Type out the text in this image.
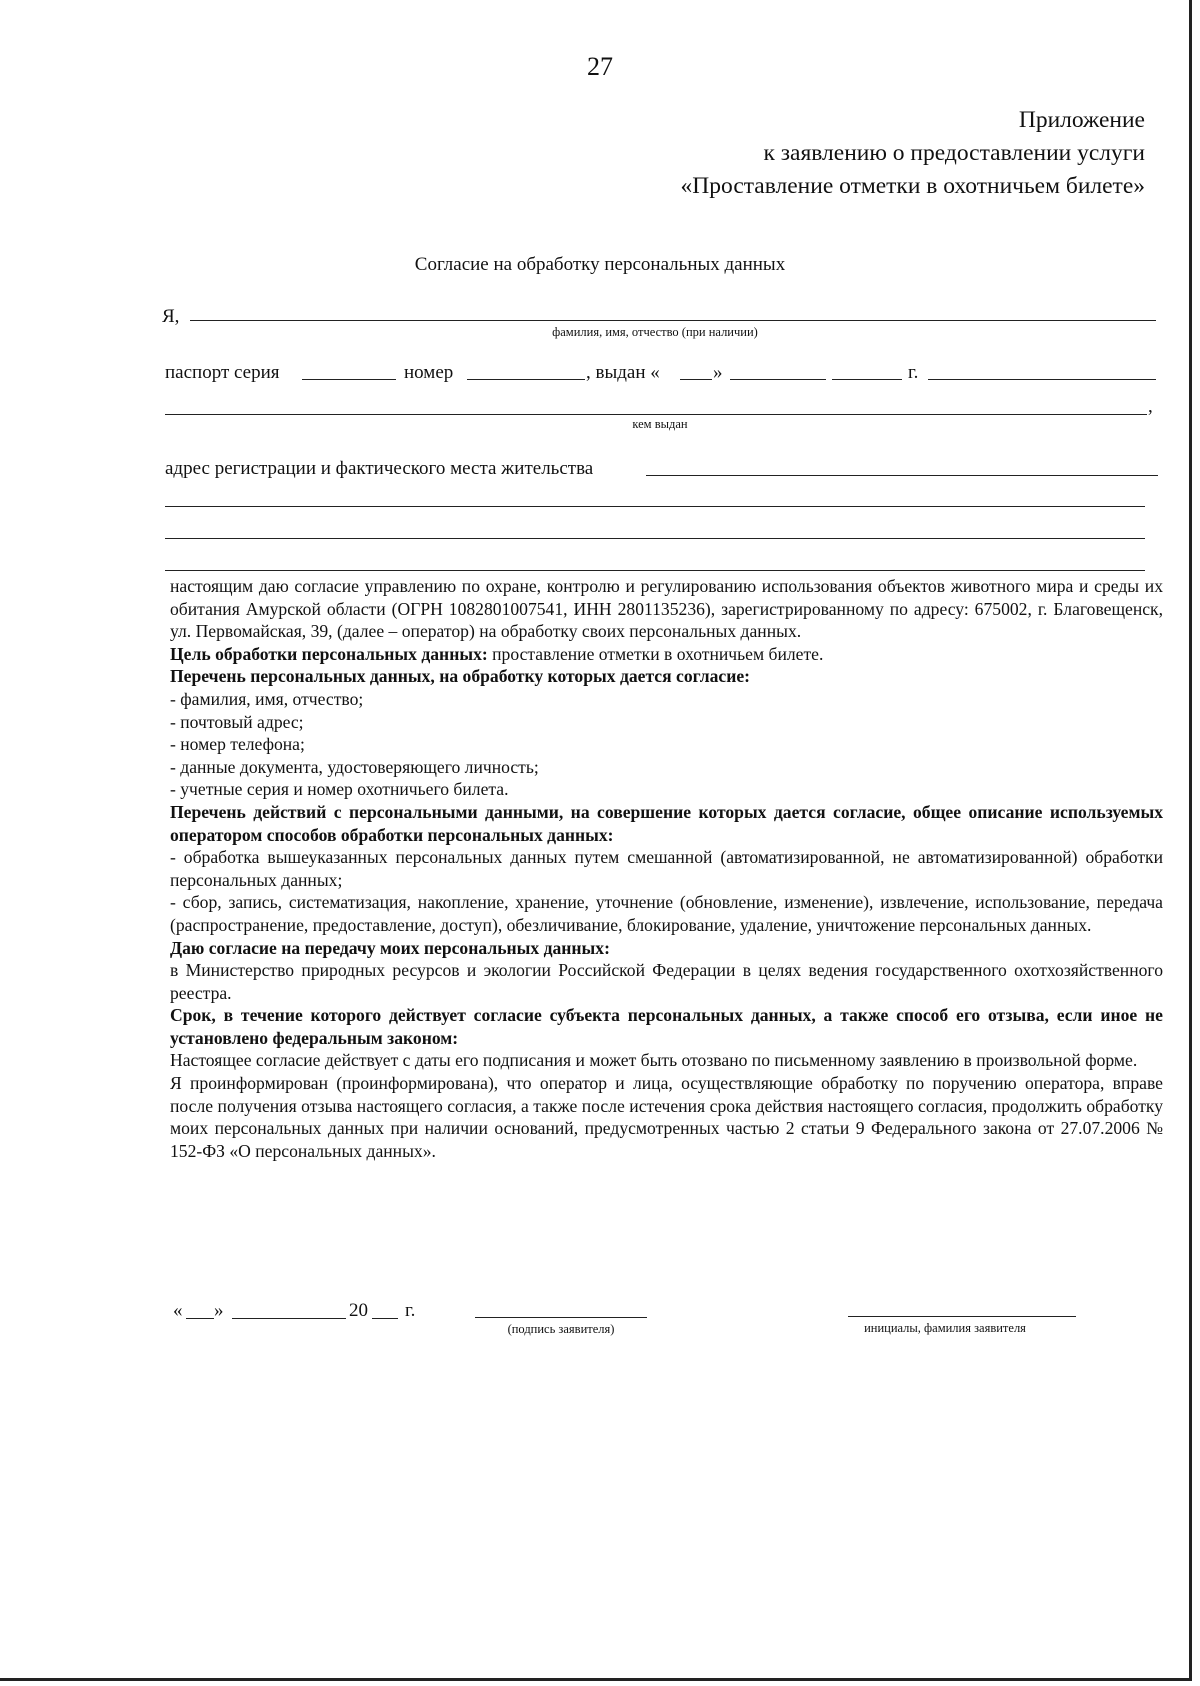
27
Приложение
к заявлению о предоставлении услуги
«Проставление отметки в охотничьем билете»
Согласие на обработку персональных данных
Я,
фамилия, имя, отчество (при наличии)
паспорт серия	номер	, выдан «	»	г.
,
кем выдан
адрес регистрации и фактического места жительства

настоящим даю согласие управлению по охране, контролю и регулированию использования объектов животного мира и среды их обитания Амурской области (ОГРН 1082801007541, ИНН 2801135236), зарегистрированному по адресу: 675002, г. Благовещенск, ул. Первомайская, 39, (далее – оператор) на обработку своих персональных данных.

Цель обработки персональных данных: проставление отметки в охотничьем билете.

Перечень персональных данных, на обработку которых дается согласие:

- фамилия, имя, отчество;

- почтовый адрес;

- номер телефона;

- данные документа, удостоверяющего личность;

- учетные серия и номер охотничьего билета.

Перечень действий с персональными данными, на совершение которых дается согласие, общее описание используемых оператором способов обработки персональных данных:

- обработка вышеуказанных персональных данных путем смешанной (автоматизированной, не автоматизированной) обработки персональных данных;

- сбор, запись, систематизация, накопление, хранение, уточнение (обновление, изменение), извлечение, использование, передача (распространение, предоставление, доступ), обезличивание, блокирование, удаление, уничтожение персональных данных.

Даю согласие на передачу моих персональных данных:

в Министерство природных ресурсов и экологии Российской Федерации в целях ведения государственного охотхозяйственного реестра.

Срок, в течение которого действует согласие субъекта персональных данных, а также способ его отзыва, если иное не установлено федеральным законом:

Настоящее согласие действует с даты его подписания и может быть отозвано по письменному заявлению в произвольной форме.

Я проинформирован (проинформирована), что оператор и лица, осуществляющие обработку по поручению оператора, вправе после получения отзыва настоящего согласия, а также после истечения срока действия настоящего согласия, продолжить обработку моих персональных данных при наличии оснований, предусмотренных частью 2 статьи 9 Федерального закона от 27.07.2006 № 152-ФЗ «О персональных данных».

« »	20 г.
(подпись заявителя)	инициалы, фамилия заявителя
